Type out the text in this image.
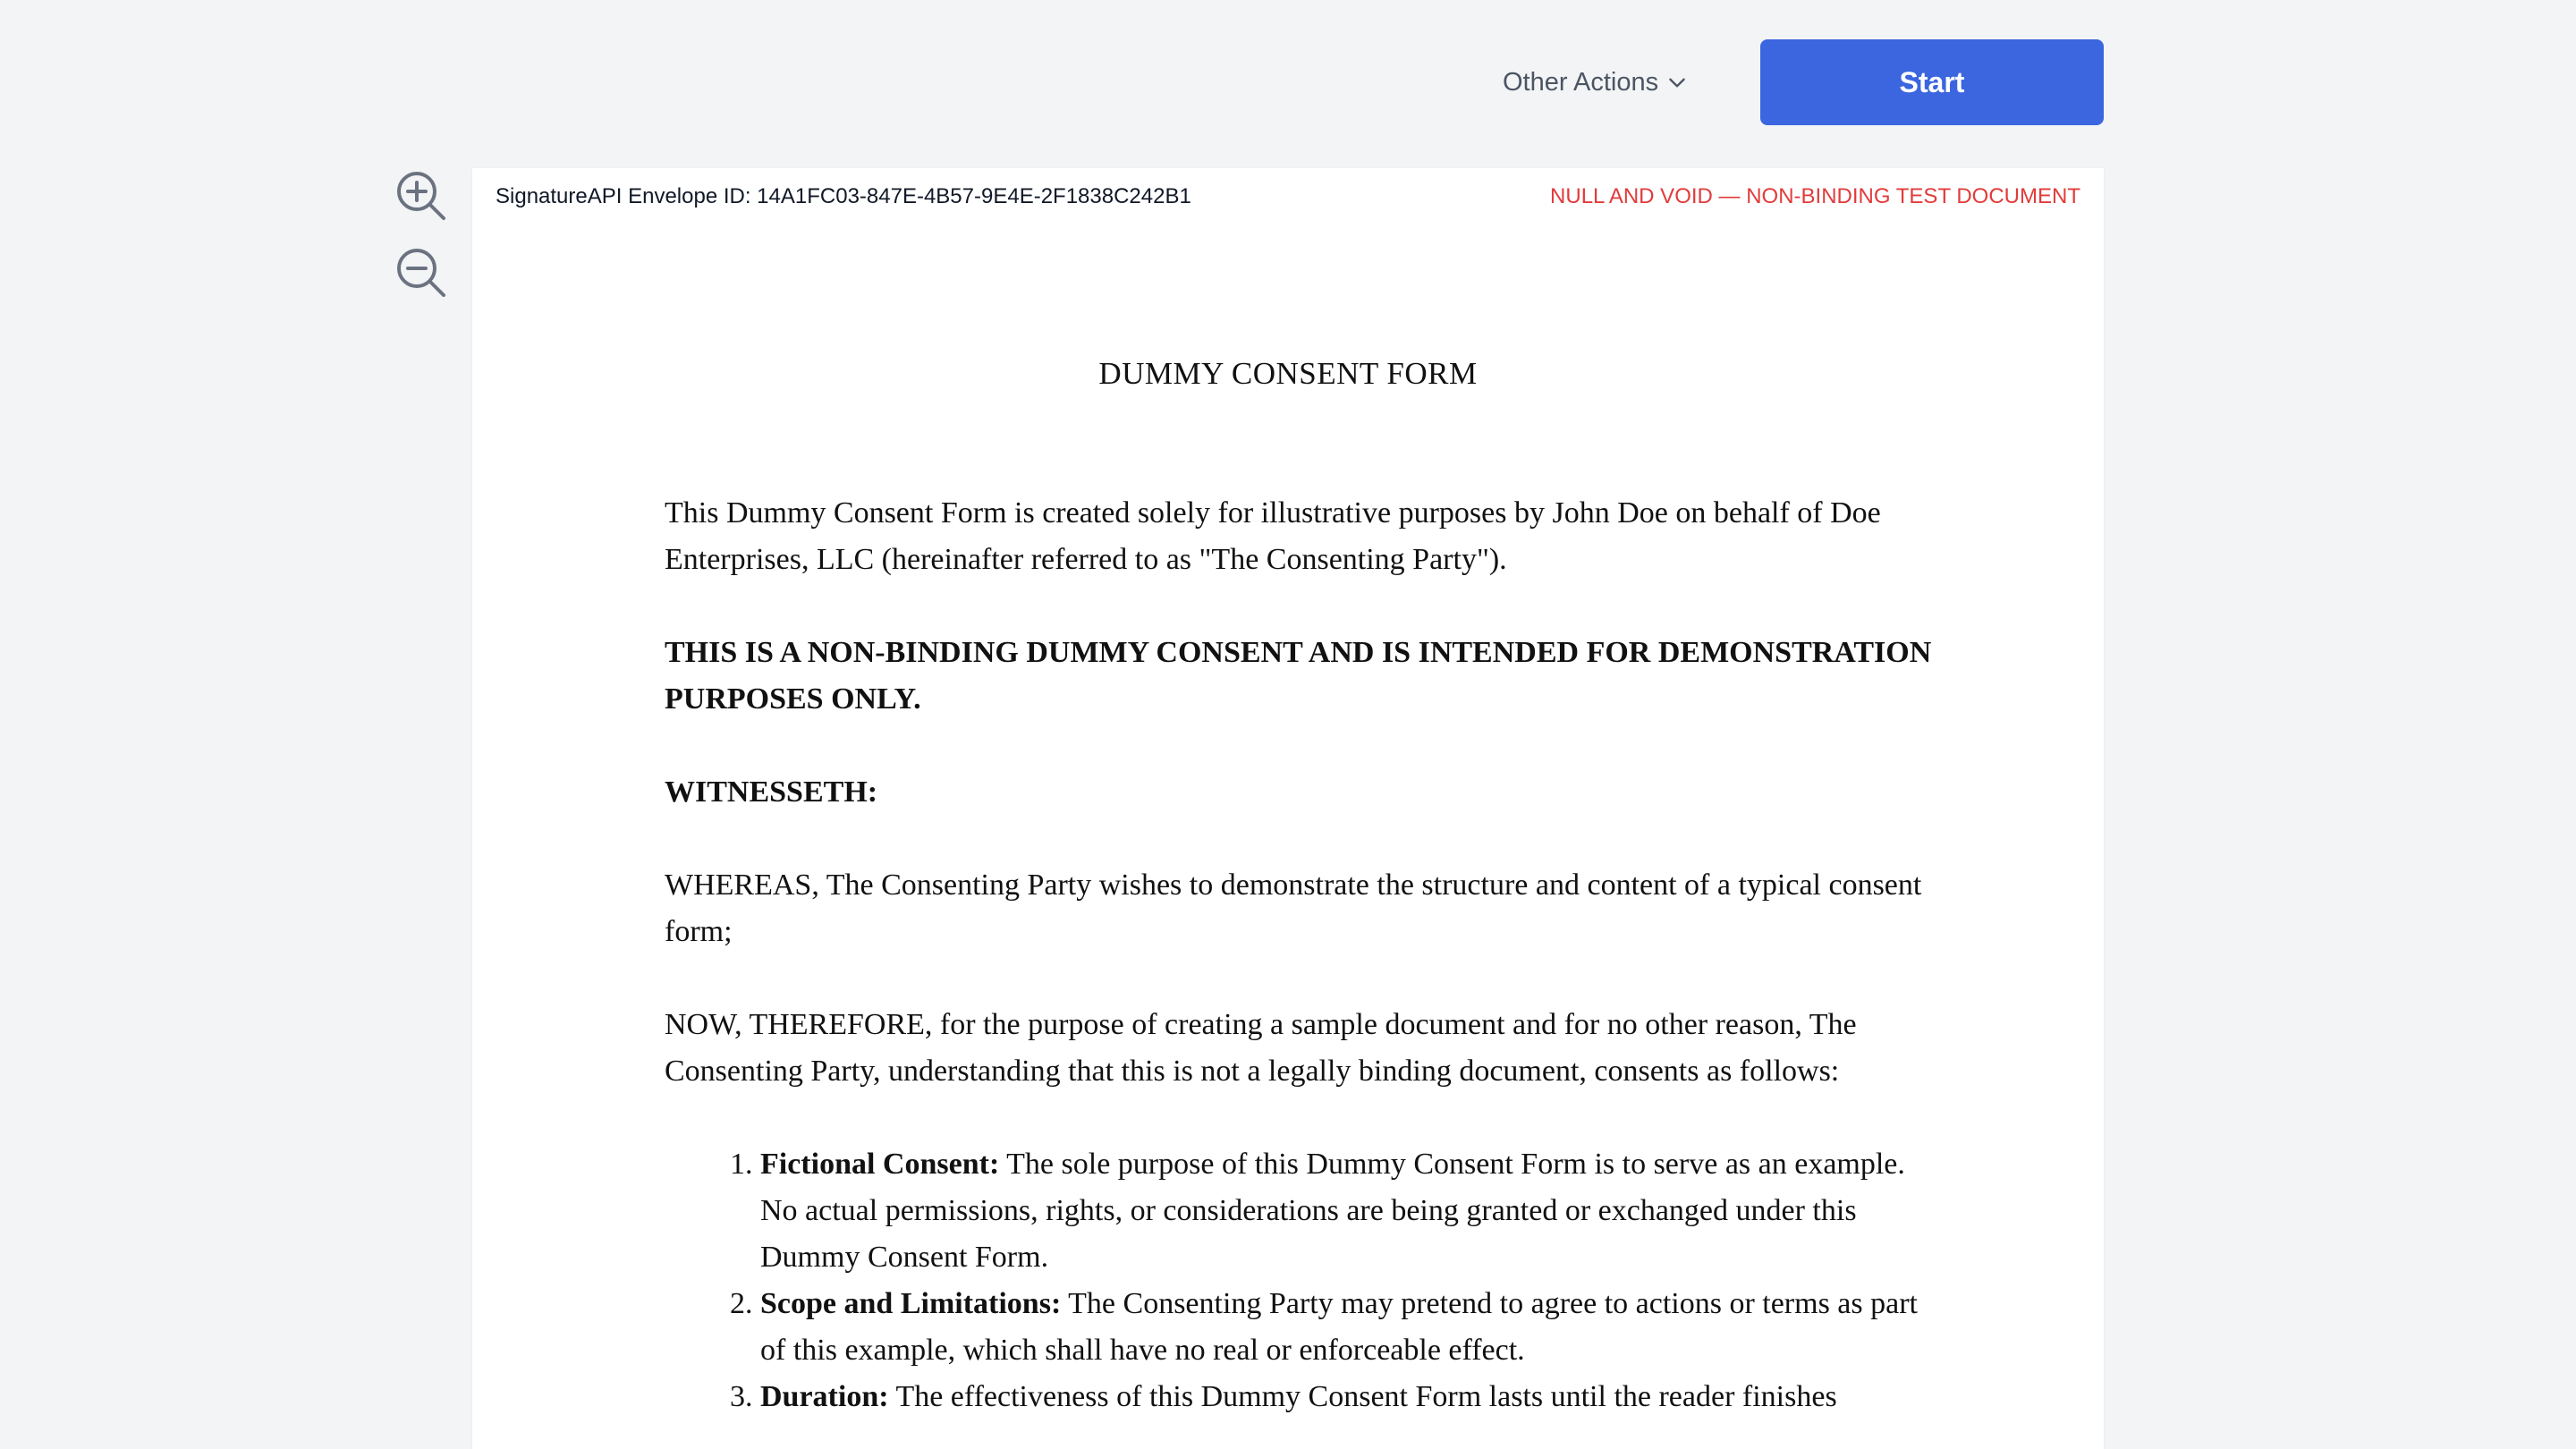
Other Actions	Start
SignatureAPI Envelope ID: 14A1FC03-847E-4B57-9E4E-2F1838C242B1	NULL AND VOID — NON-BINDING TEST DOCUMENT
DUMMY CONSENT FORM

This Dummy Consent Form is created solely for illustrative purposes by John Doe on behalf of Doe Enterprises, LLC (hereinafter referred to as "The Consenting Party").

THIS IS A NON-BINDING DUMMY CONSENT AND IS INTENDED FOR DEMONSTRATION PURPOSES ONLY.

WITNESSETH:

WHEREAS, The Consenting Party wishes to demonstrate the structure and content of a typical consent form;

NOW, THEREFORE, for the purpose of creating a sample document and for no other reason, The Consenting Party, understanding that this is not a legally binding document, consents as follows:

1. Fictional Consent: The sole purpose of this Dummy Consent Form is to serve as an example. No actual permissions, rights, or considerations are being granted or exchanged under this Dummy Consent Form.
2. Scope and Limitations: The Consenting Party may pretend to agree to actions or terms as part of this example, which shall have no real or enforceable effect.
3. Duration: The effectiveness of this Dummy Consent Form lasts until the reader finishes
